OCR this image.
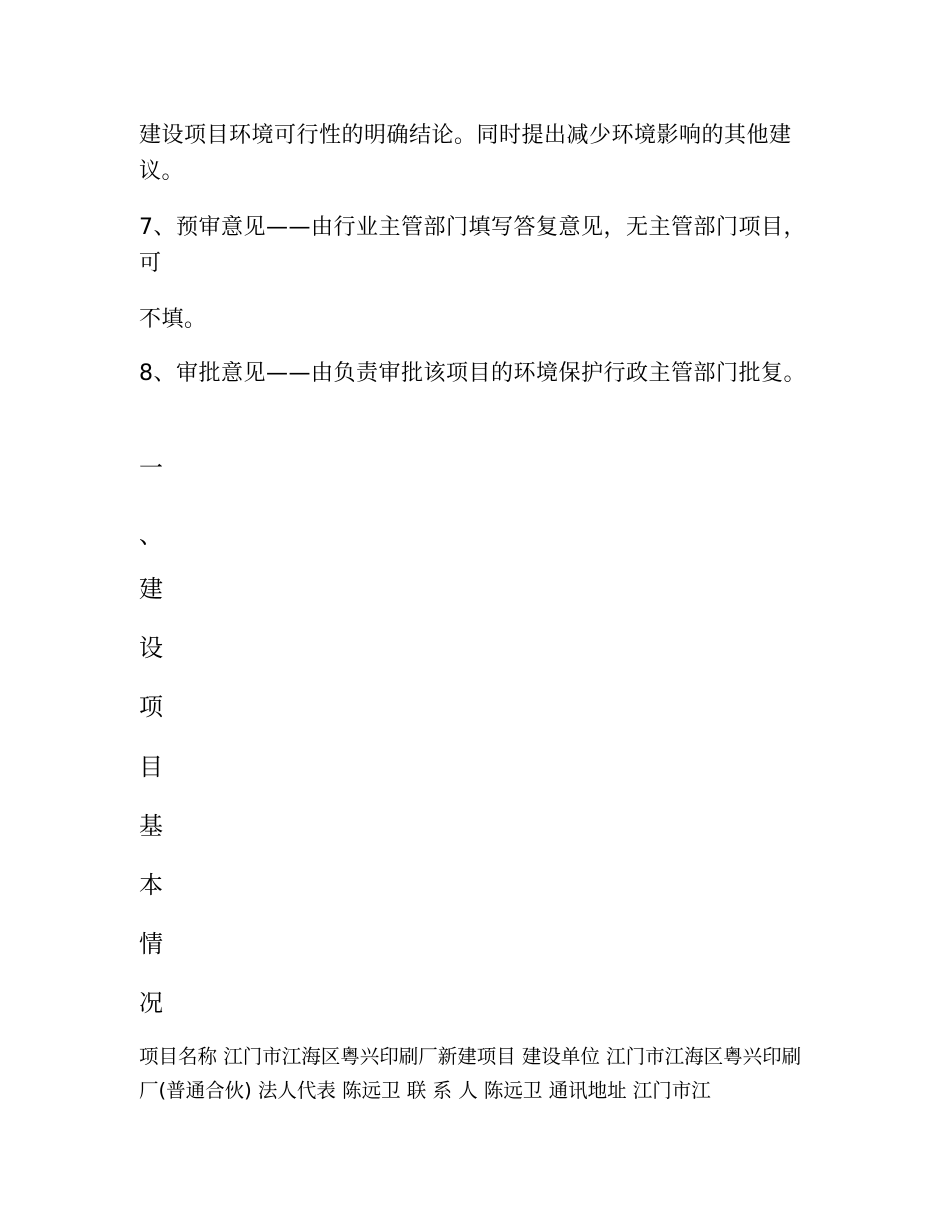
建设项目环境可行性的明确结论。同时提出减少环境影响的其他建议。

7、预审意见——由行业主管部门填写答复意见，无主管部门项目，可

不填。

8、审批意见——由负责审批该项目的环境保护行政主管部门批复。

一

、

建

设

项

目

基

本

情

况

项目名称 江门市江海区粤兴印刷厂新建项目 建设单位 江门市江海区粤兴印刷厂(普通合伙) 法人代表 陈远卫 联 系 人 陈远卫 通讯地址 江门市江
